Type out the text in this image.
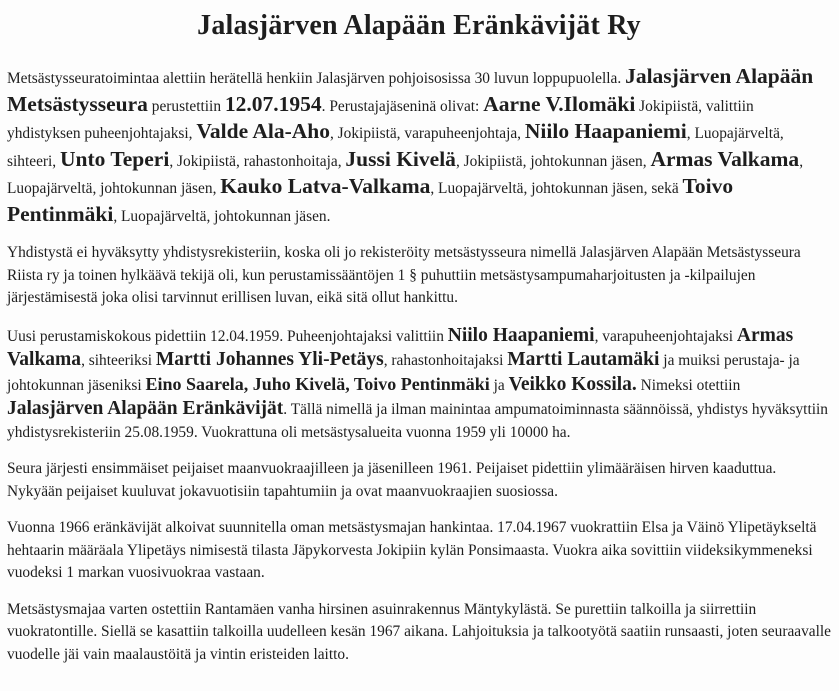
Jalasjärven Alapään Eränkävijät Ry

Metsästysseuratoimintaa alettiin herätellä henkiin Jalasjärven pohjoisosissa 30 luvun loppupuolella. Jalasjärven Alapään Metsästysseura perustettiin 12.07.1954. Perustajajäseninä olivat: Aarne V.Ilomäki Jokipiistä, valittiin yhdistyksen puheenjohtajaksi, Valde Ala-Aho, Jokipiistä, varapuheenjohtaja, Niilo Haapaniemi, Luopajärveltä, sihteeri, Unto Teperi, Jokipiistä, rahastonhoitaja, Jussi Kivelä, Jokipiistä, johtokunnan jäsen, Armas Valkama, Luopajärveltä, johtokunnan jäsen, Kauko Latva-Valkama, Luopajärveltä, johtokunnan jäsen, sekä Toivo Pentinmäki, Luopajärveltä, johtokunnan jäsen.

Yhdistystä ei hyväksytty yhdistysrekisteriin, koska oli jo rekisteröity metsästysseura nimellä Jalasjärven Alapään Metsästysseura Riista ry ja toinen hylkäävä tekijä oli, kun perustamissääntöjen 1 § puhuttiin metsästysampumaharjoitusten ja -kilpailujen järjestämisestä joka olisi tarvinnut erillisen luvan, eikä sitä ollut hankittu.

Uusi perustamiskokous pidettiin 12.04.1959. Puheenjohtajaksi valittiin Niilo Haapaniemi, varapuheenjohtajaksi Armas Valkama, sihteeriksi Martti Johannes Yli-Petäys, rahastonhoitajaksi Martti Lautamäki ja muiksi perustaja- ja johtokunnan jäseniksi Eino Saarela, Juho Kivelä, Toivo Pentinmäki ja Veikko Kossila. Nimeksi otettiin Jalasjärven Alapään Eränkävijät. Tällä nimellä ja ilman mainintaa ampumatoiminnasta säännöissä, yhdistys hyväksyttiin yhdistysrekisteriin 25.08.1959. Vuokrattuna oli metsästysalueita vuonna 1959 yli 10000 ha.

Seura järjesti ensimmäiset peijaiset maanvuokraajilleen ja jäsenilleen 1961. Peijaiset pidettiin ylimääräisen hirven kaaduttua. Nykyään peijaiset kuuluvat jokavuotisiin tapahtumiin ja ovat maanvuokraajien suosiossa.

Vuonna 1966 eränkävijät alkoivat suunnitella oman metsästysmajan hankintaa. 17.04.1967 vuokrattiin Elsa ja Väinö Ylipetäykseltä hehtaarin määräala Ylipetäys nimisestä tilasta Jäpykorvesta Jokipiin kylän Ponsimaasta. Vuokra aika sovittiin viideksikymmeneksi vuodeksi 1 markan vuosivuokraa vastaan.

Metsästysmajaa varten ostettiin Rantamäen vanha hirsinen asuinrakennus Mäntykylästä. Se purettiin talkoilla ja siirrettiin vuokratontille. Siellä se kasattiin talkoilla uudelleen kesän 1967 aikana. Lahjoituksia ja talkootyötä saatiin runsaasti, joten seuraavalle vuodelle jäi vain maalaustöitä ja vintin eristeiden laitto.
